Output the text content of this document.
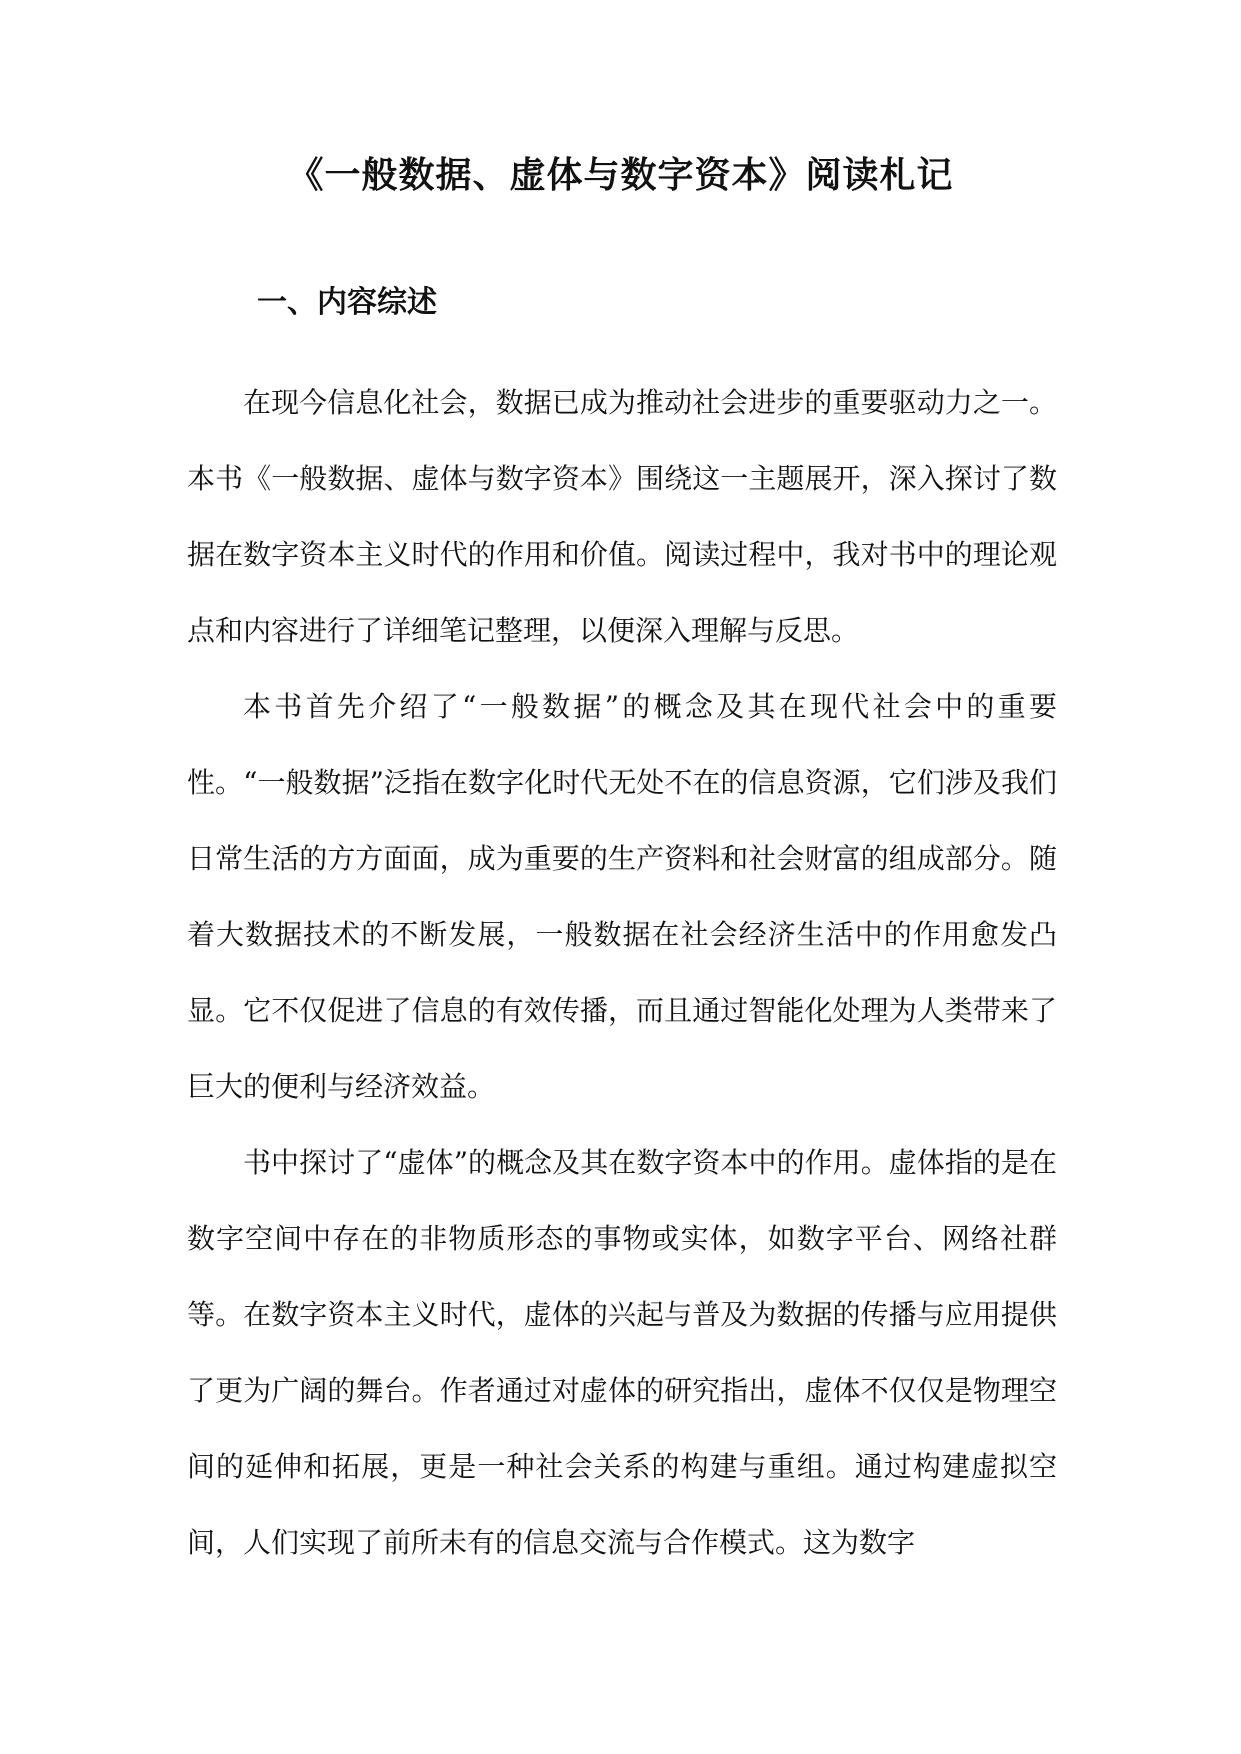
《一般数据、虚体与数字资本》阅读札记
一、内容综述

在现今信息化社会，数据已成为推动社会进步的重要驱动力之一。本书《一般数据、虚体与数字资本》围绕这一主题展开，深入探讨了数据在数字资本主义时代的作用和价值。阅读过程中，我对书中的理论观点和内容进行了详细笔记整理，以便深入理解与反思。

本书首先介绍了“一般数据”的概念及其在现代社会中的重要性。“一般数据”泛指在数字化时代无处不在的信息资源，它们涉及我们日常生活的方方面面，成为重要的生产资料和社会财富的组成部分。随着大数据技术的不断发展，一般数据在社会经济生活中的作用愈发凸显。它不仅促进了信息的有效传播，而且通过智能化处理为人类带来了巨大的便利与经济效益。

书中探讨了“虚体”的概念及其在数字资本中的作用。虚体指的是在数字空间中存在的非物质形态的事物或实体，如数字平台、网络社群等。在数字资本主义时代，虚体的兴起与普及为数据的传播与应用提供了更为广阔的舞台。作者通过对虚体的研究指出，虚体不仅仅是物理空间的延伸和拓展，更是一种社会关系的构建与重组。通过构建虚拟空间，人们实现了前所未有的信息交流与合作模式。这为数字
